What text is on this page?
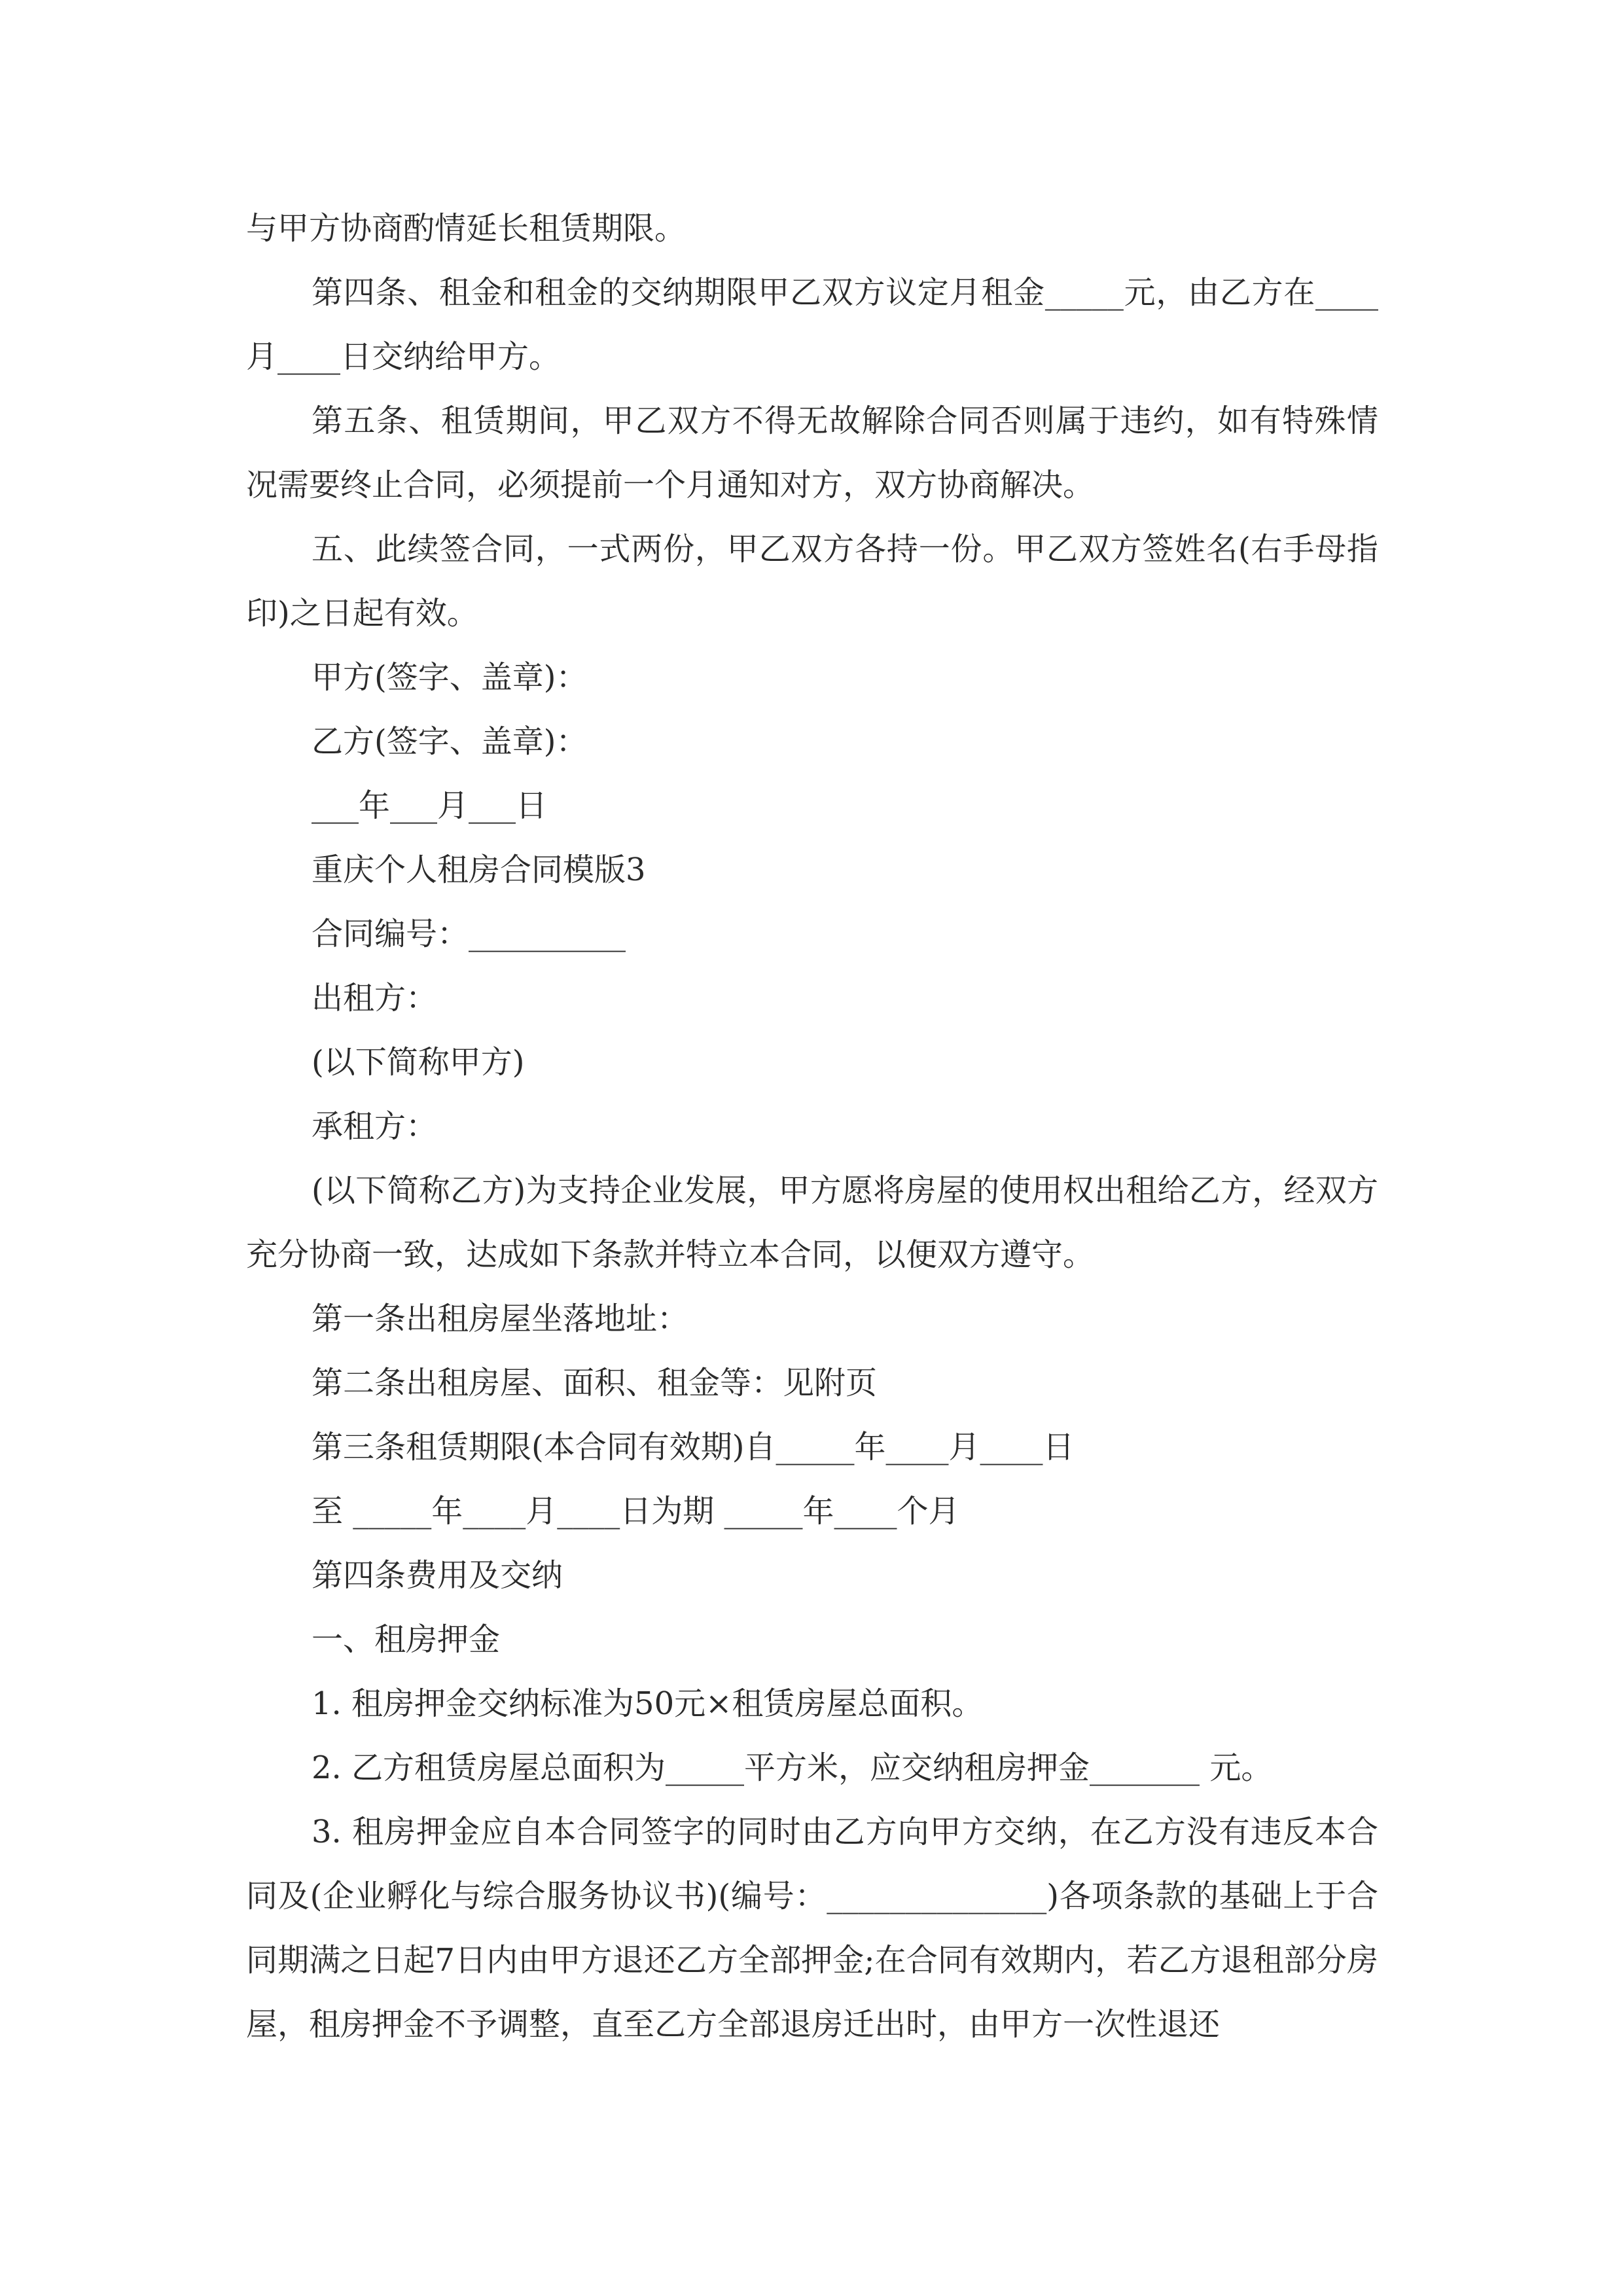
与甲方协商酌情延长租赁期限。

第四条、租金和租金的交纳期限甲乙双方议定月租金_____元，由乙方在____月____日交纳给甲方。

第五条、租赁期间，甲乙双方不得无故解除合同否则属于违约，如有特殊情况需要终止合同，必须提前一个月通知对方，双方协商解决。

五、此续签合同，一式两份，甲乙双方各持一份。甲乙双方签姓名(右手母指印)之日起有效。

甲方(签字、盖章)：

乙方(签字、盖章)：

___年___月___日

重庆个人租房合同模版3

合同编号：__________

出租方：

(以下简称甲方)

承租方：

(以下简称乙方)为支持企业发展，甲方愿将房屋的使用权出租给乙方，经双方充分协商一致，达成如下条款并特立本合同，以便双方遵守。

第一条出租房屋坐落地址：

第二条出租房屋、面积、租金等：见附页

第三条租赁期限(本合同有效期)自_____年____月____日

至 _____年____月____日为期 _____年____个月

第四条费用及交纳

一、租房押金

1. 租房押金交纳标准为50元×租赁房屋总面积。

2. 乙方租赁房屋总面积为_____平方米，应交纳租房押金_______ 元。

3. 租房押金应自本合同签字的同时由乙方向甲方交纳，在乙方没有违反本合同及(企业孵化与综合服务协议书)(编号：______________)各项条款的基础上于合同期满之日起7日内由甲方退还乙方全部押金;在合同有效期内，若乙方退租部分房屋，租房押金不予调整，直至乙方全部退房迁出时，由甲方一次性退还
